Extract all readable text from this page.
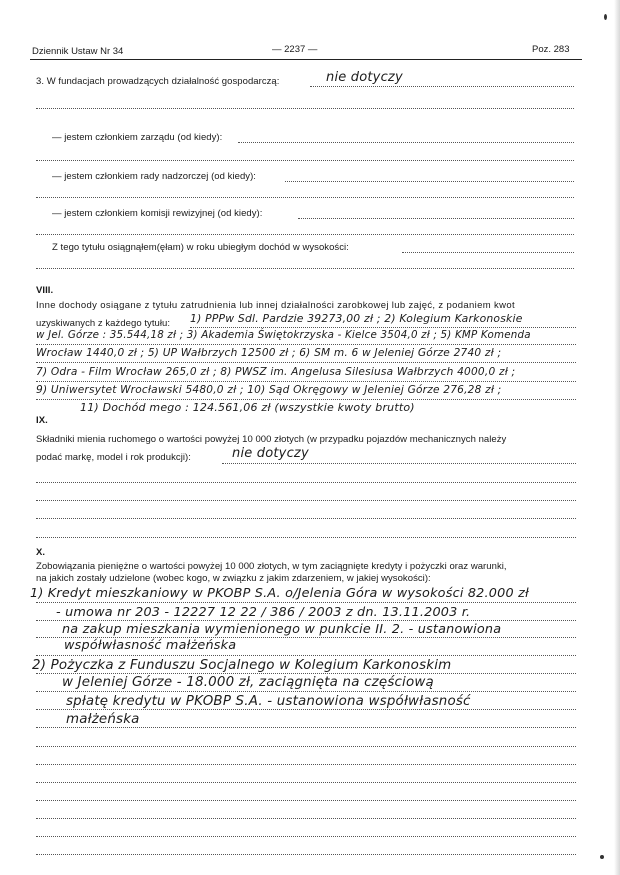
Dziennik Ustaw Nr 34	— 2237 —	Poz. 283
3. W fundacjach prowadzących działalność gospodarczą:	nie dotyczy
— jestem członkiem zarządu (od kiedy):
— jestem członkiem rady nadzorczej (od kiedy):
— jestem członkiem komisji rewizyjnej (od kiedy):
Z tego tytułu osiągnąłem(ęłam) w roku ubiegłym dochód w wysokości:
VIII.
Inne dochody osiągane z tytułu zatrudnienia lub innej działalności zarobkowej lub zajęć, z podaniem kwot
uzyskiwanych z każdego tytułu: 1) PPPw Sdl. Pardzie 39273,00 zł ; 2) Kolegium Karkonoskie
w Jel. Górze : 35.544,18 zł ; 3) Akademia Świętokrzyska - Kielce 3504,0 zł ; 5) KMP Komenda
Wrocław 1440,0 zł ; 5) UP Wałbrzych 12500 zł ; 6) SM m. 6 w Jeleniej Górze 2740 zł ;
7) Odra - Film Wrocław 265,0 zł ; 8) PWSZ im. Angelusa Silesiusa Wałbrzych 4000,0 zł ;
9) Uniwersytet Wrocławski 5480,0 zł ; 10) Sąd Okręgowy w Jeleniej Górze 276,28 zł ;
11) Dochód mego : 124.561,06 zł (wszystkie kwoty brutto)
IX.
Składniki mienia ruchomego o wartości powyżej 10 000 złotych (w przypadku pojazdów mechanicznych należy
podać markę, model i rok produkcji):	nie dotyczy
X.
Zobowiązania pieniężne o wartości powyżej 10 000 złotych, w tym zaciągnięte kredyty i pożyczki oraz warunki,
na jakich zostały udzielone (wobec kogo, w związku z jakim zdarzeniem, w jakiej wysokości):
1) Kredyt mieszkaniowy w PKOBP S.A. o/Jelenia Góra w wysokości 82.000 zł
- umowa nr 203 - 12227 12 22 / 386 / 2003 z dn. 13.11.2003 r.
na zakup mieszkania wymienionego w punkcie II. 2. - ustanowiona
współwłasność małżeńska
2) Pożyczka z Funduszu Socjalnego w Kolegium Karkonoskim
w Jeleniej Górze - 18.000 zł, zaciągnięta na częściową
spłatę kredytu w PKOBP S.A. - ustanowiona współwłasność
małżeńska
